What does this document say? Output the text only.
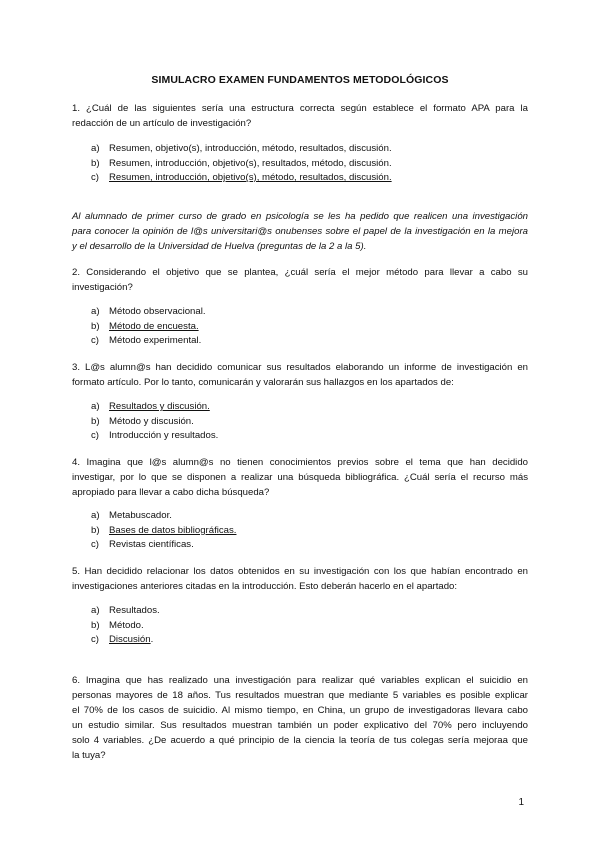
SIMULACRO EXAMEN FUNDAMENTOS METODOLÓGICOS
1. ¿Cuál de las siguientes sería una estructura correcta según establece el formato APA para la
redacción de un artículo de investigación?
a) Resumen, objetivo(s), introducción, método, resultados, discusión.
b) Resumen, introducción, objetivo(s), resultados, método, discusión.
c)	Resumen, introducción, objetivo(s), método, resultados, discusión.
Al alumnado de primer curso de grado en psicología se les ha pedido que realicen una investigación
para conocer la opinión de l@s universitari@s onubenses sobre el papel de la investigación en la mejora
y el desarrollo de la Universidad de Huelva (preguntas de la 2 a la 5).
2. Considerando el objetivo que se plantea, ¿cuál sería el mejor método para llevar a cabo su
investigación?
a) Método observacional.
b) Método de encuesta.
c)	Método experimental.
3. L@s alumn@s han decidido comunicar sus resultados elaborando un informe de investigación en
formato artículo. Por lo tanto, comunicarán y valorarán sus hallazgos en los apartados de:
a) Resultados y discusión.
b) Método y discusión.
c)	Introducción y resultados.
4. Imagina que l@s alumn@s no tienen conocimientos previos sobre el tema que han decidido
investigar, por lo que se disponen a realizar una búsqueda bibliográfica. ¿Cuál sería el recurso más
apropiado para llevar a cabo dicha búsqueda?
a) Metabuscador.
b) Bases de datos bibliográficas.
c)	Revistas científicas.
5. Han decidido relacionar los datos obtenidos en su investigación con los que habían encontrado en
investigaciones anteriores citadas en la introducción. Esto deberán hacerlo en el apartado:
a) Resultados.
b) Método.
c)	Discusión .
6. Imagina que has realizado una investigación para realizar qué variables explican el suicidio en
personas mayores de 18 años. Tus resultados muestran que mediante 5 variables es posible explicar
el 70% de los casos de suicidio. Al mismo tiempo, en China, un grupo de investigadoras llevara cabo
un estudio similar. Sus resultados muestran también un poder explicativo del 70% pero incluyendo
solo 4 variables. ¿De acuerdo a qué principio de la ciencia la teoría de tus colegas sería mejoraa que
la tuya?
1
